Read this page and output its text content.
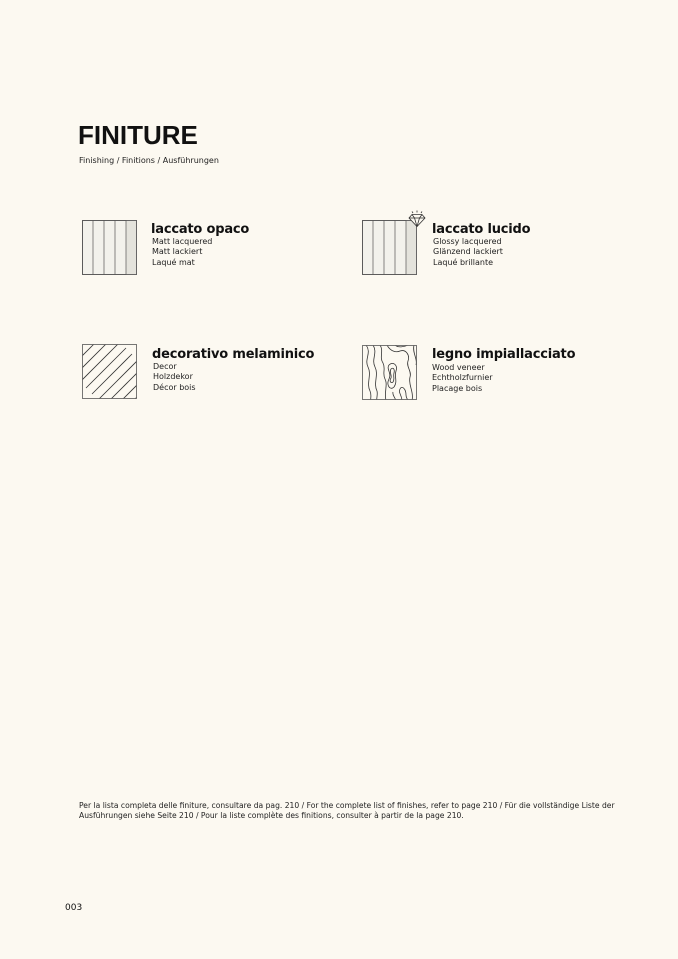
FINITURE
Finishing / Finitions / Ausführungen
laccato opaco
Matt lacquered
Matt lackiert
Laqué mat
laccato lucido
Glossy lacquered
Glänzend lackiert
Laqué brillante
decorativo melaminico
Decor
Holzdekor
Décor bois
legno impiallacciato
Wood veneer
Echtholzfurnier
Placage bois
Per la lista completa delle finiture, consultare da pag. 210 / For the complete list of finishes, refer to page 210 / Für die vollständige Liste der Ausführungen siehe Seite 210 / Pour la liste complète des finitions, consulter à partir de la page 210.
003
